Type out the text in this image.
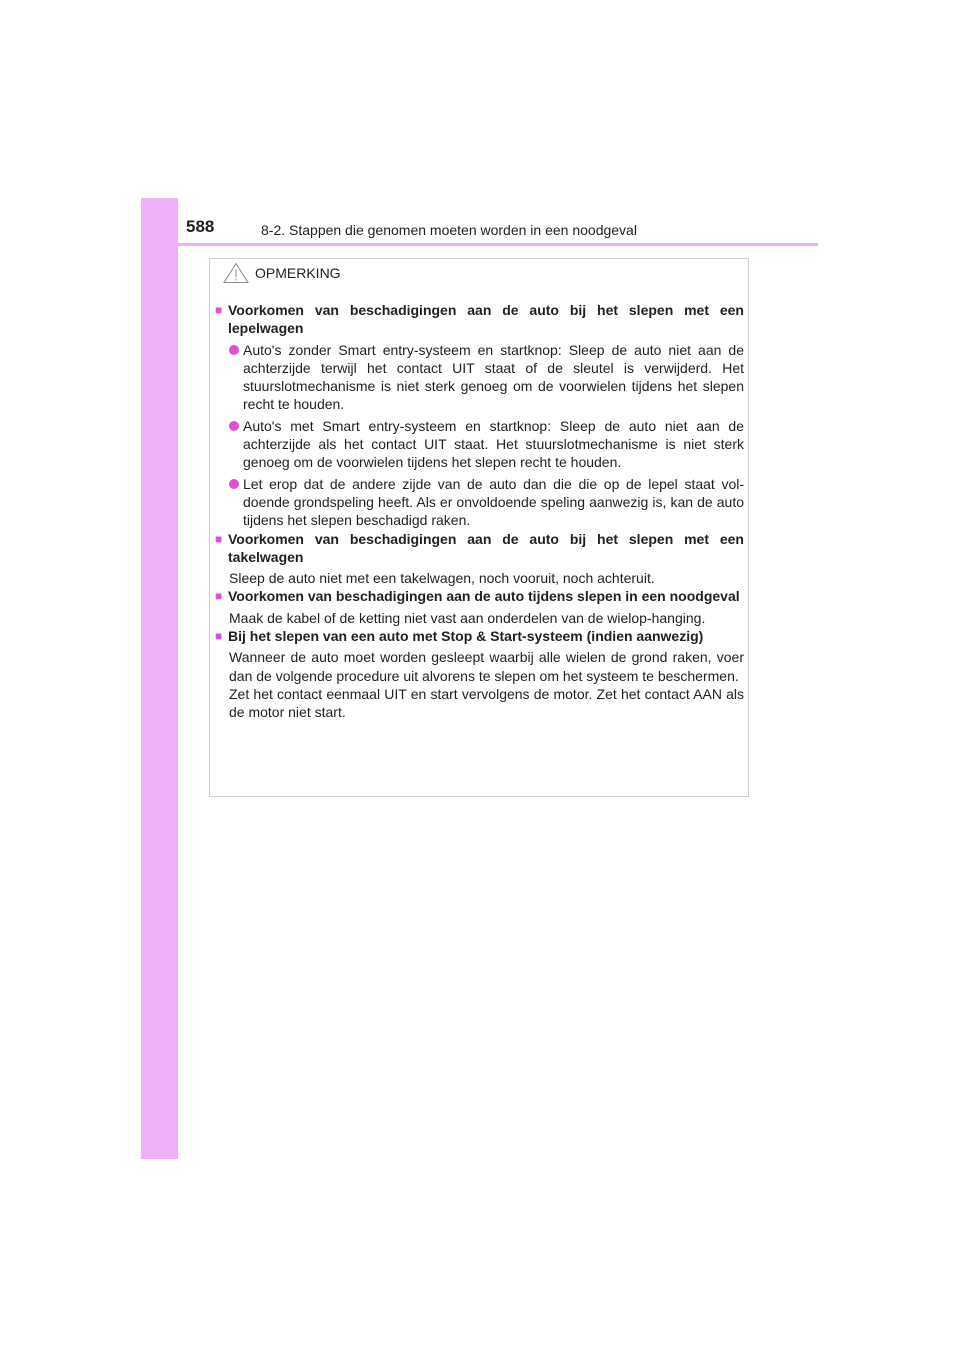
588	8-2. Stappen die genomen moeten worden in een noodgeval
OPMERKING
■ Voorkomen van beschadigingen aan de auto bij het slepen met een lepelwagen
Auto's zonder Smart entry-systeem en startknop: Sleep de auto niet aan de achterzijde terwijl het contact UIT staat of de sleutel is verwijderd. Het stuurslotmechanisme is niet sterk genoeg om de voorwielen tijdens het slepen recht te houden.
Auto's met Smart entry-systeem en startknop: Sleep de auto niet aan de achterzijde als het contact UIT staat. Het stuurslotmechanisme is niet sterk genoeg om de voorwielen tijdens het slepen recht te houden.
Let erop dat de andere zijde van de auto dan die die op de lepel staat vol-doende grondspeling heeft. Als er onvoldoende speling aanwezig is, kan de auto tijdens het slepen beschadigd raken.
■ Voorkomen van beschadigingen aan de auto bij het slepen met een takelwagen
Sleep de auto niet met een takelwagen, noch vooruit, noch achteruit.
■ Voorkomen van beschadigingen aan de auto tijdens slepen in een noodgeval
Maak de kabel of de ketting niet vast aan onderdelen van de wielop-hanging.
■ Bij het slepen van een auto met Stop & Start-systeem (indien aanwezig)
Wanneer de auto moet worden gesleept waarbij alle wielen de grond raken, voer dan de volgende procedure uit alvorens te slepen om het systeem te beschermen.
Zet het contact eenmaal UIT en start vervolgens de motor. Zet het contact AAN als de motor niet start.
